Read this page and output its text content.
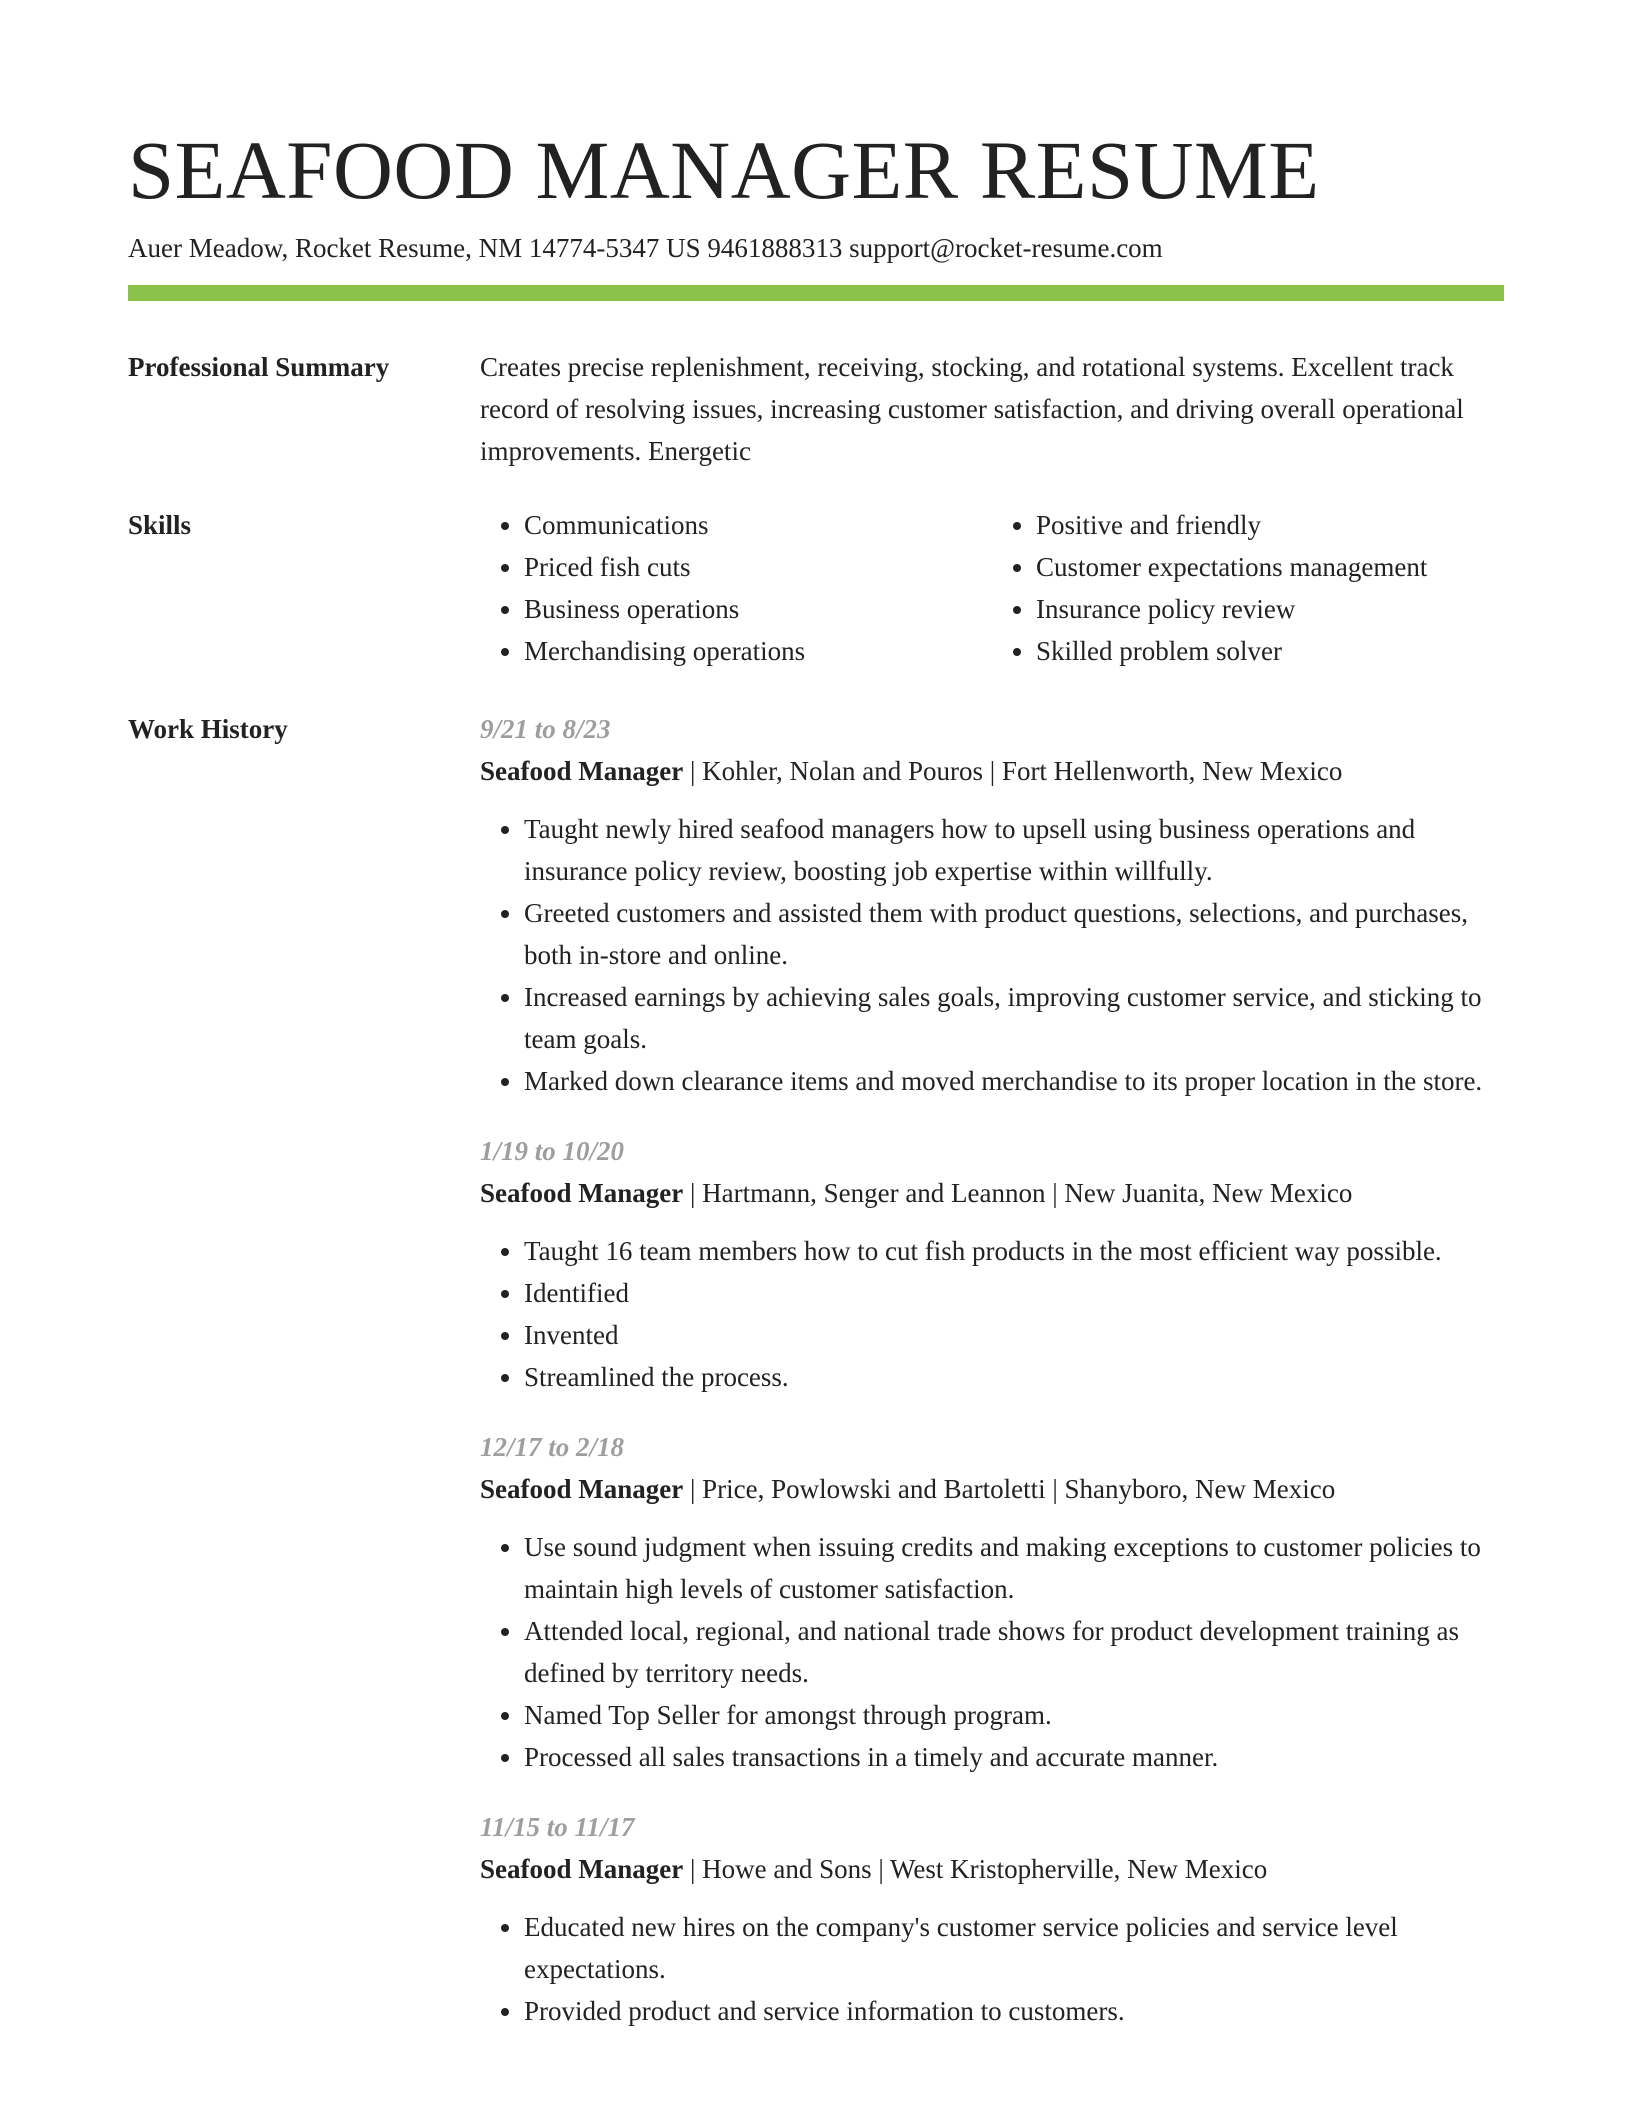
SEAFOOD MANAGER RESUME
Auer Meadow, Rocket Resume, NM 14774-5347 US 9461888313 support@rocket-resume.com
Professional Summary	Creates precise replenishment, receiving, stocking, and rotational systems. Excellent track record of resolving issues, increasing customer satisfaction, and driving overall operational improvements. Energetic

Skills
•	Communications
• Priced fish cuts
• Business operations
• Merchandising operations
• Positive and friendly
• Customer expectations management
• Insurance policy review
• Skilled problem solver
Work History	9/21 to 8/23
Seafood Manager | Kohler, Nolan and Pouros | Fort Hellenworth, New Mexico
• Taught newly hired seafood managers how to upsell using business operations and insurance policy review, boosting job expertise within willfully.
• Greeted customers and assisted them with product questions, selections, and purchases, both in-store and online.
• Increased earnings by achieving sales goals, improving customer service, and sticking to team goals.
• Marked down clearance items and moved merchandise to its proper location in the store.
1/19 to 10/20
Seafood Manager | Hartmann, Senger and Leannon | New Juanita, New Mexico
• Taught 16 team members how to cut fish products in the most efficient way possible.
• Identified
• Invented
• Streamlined the process.
12/17 to 2/18
Seafood Manager | Price, Powlowski and Bartoletti | Shanyboro, New Mexico
• Use sound judgment when issuing credits and making exceptions to customer policies to maintain high levels of customer satisfaction.
• Attended local, regional, and national trade shows for product development training as defined by territory needs.
• Named Top Seller for amongst through program.
• Processed all sales transactions in a timely and accurate manner.
11/15 to 11/17
Seafood Manager | Howe and Sons | West Kristopherville, New Mexico
• Educated new hires on the company's customer service policies and service level expectations.
• Provided product and service information to customers.
